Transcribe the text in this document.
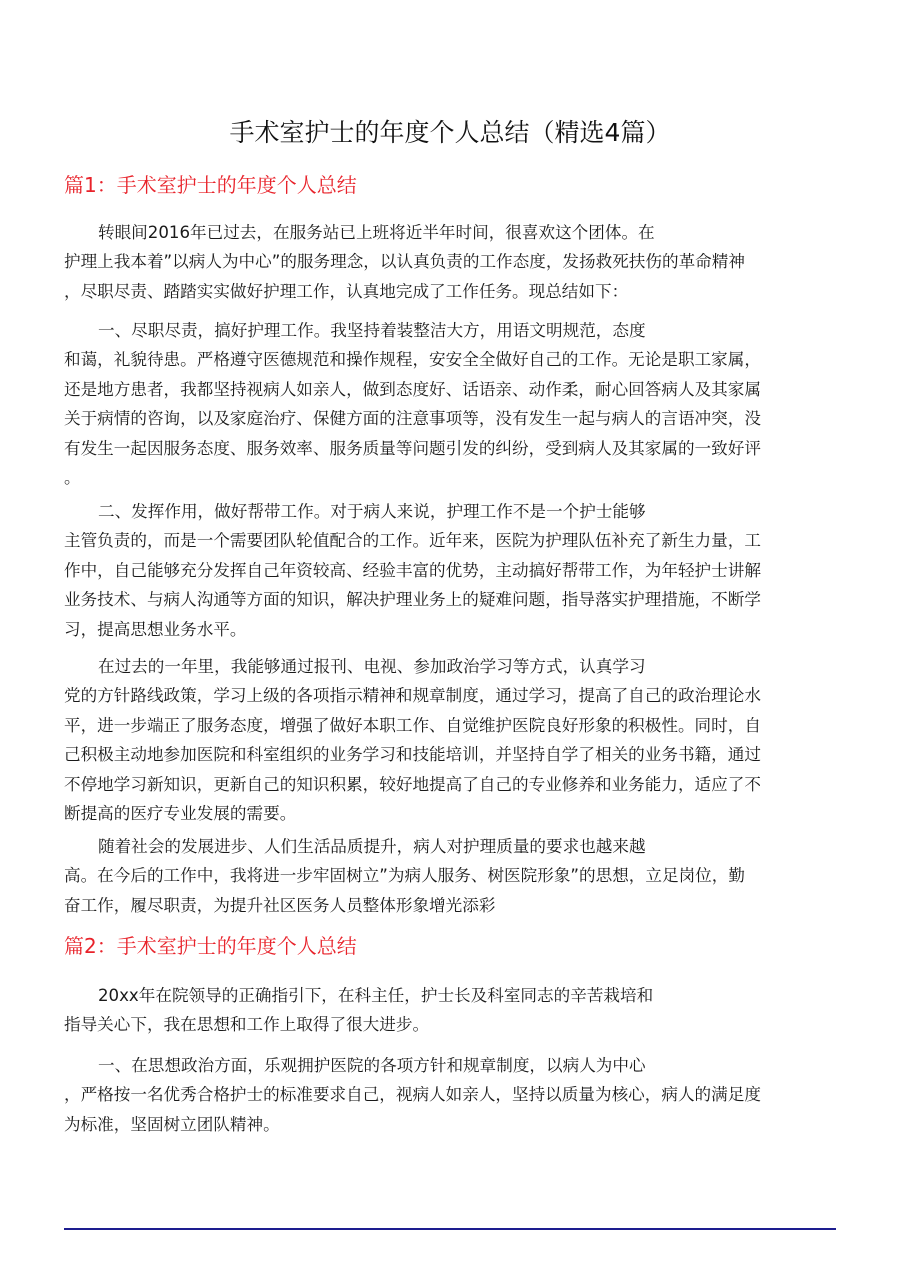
手术室护士的年度个人总结（精选4篇）
篇1：手术室护士的年度个人总结
转眼间2016年已过去，在服务站已上班将近半年时间，很喜欢这个团体。在
护理上我本着”以病人为中心”的服务理念，以认真负责的工作态度，发扬救死扶伤的革命精神
，尽职尽责、踏踏实实做好护理工作，认真地完成了工作任务。现总结如下：
一、尽职尽责，搞好护理工作。我坚持着装整洁大方，用语文明规范，态度
和蔼，礼貌待患。严格遵守医德规范和操作规程，安安全全做好自己的工作。无论是职工家属，
还是地方患者，我都坚持视病人如亲人，做到态度好、话语亲、动作柔，耐心回答病人及其家属
关于病情的咨询，以及家庭治疗、保健方面的注意事项等，没有发生一起与病人的言语冲突，没
有发生一起因服务态度、服务效率、服务质量等问题引发的纠纷，受到病人及其家属的一致好评
。
二、发挥作用，做好帮带工作。对于病人来说，护理工作不是一个护士能够
主管负责的，而是一个需要团队轮值配合的工作。近年来，医院为护理队伍补充了新生力量，工
作中，自己能够充分发挥自己年资较高、经验丰富的优势，主动搞好帮带工作，为年轻护士讲解
业务技术、与病人沟通等方面的知识，解决护理业务上的疑难问题，指导落实护理措施，不断学
习，提高思想业务水平。
在过去的一年里，我能够通过报刊、电视、参加政治学习等方式，认真学习
党的方针路线政策，学习上级的各项指示精神和规章制度，通过学习，提高了自己的政治理论水
平，进一步端正了服务态度，增强了做好本职工作、自觉维护医院良好形象的积极性。同时，自
己积极主动地参加医院和科室组织的业务学习和技能培训，并坚持自学了相关的业务书籍，通过
不停地学习新知识，更新自己的知识积累，较好地提高了自己的专业修养和业务能力，适应了不
断提高的医疗专业发展的需要。
随着社会的发展进步、人们生活品质提升，病人对护理质量的要求也越来越
高。在今后的工作中，我将进一步牢固树立”为病人服务、树医院形象”的思想，立足岗位，勤
奋工作，履尽职责，为提升社区医务人员整体形象增光添彩
篇2：手术室护士的年度个人总结
20xx年在院领导的正确指引下，在科主任，护士长及科室同志的辛苦栽培和
指导关心下，我在思想和工作上取得了很大进步。
一、在思想政治方面，乐观拥护医院的各项方针和规章制度，以病人为中心
，严格按一名优秀合格护士的标准要求自己，视病人如亲人，坚持以质量为核心，病人的满足度
为标准，坚固树立团队精神。
